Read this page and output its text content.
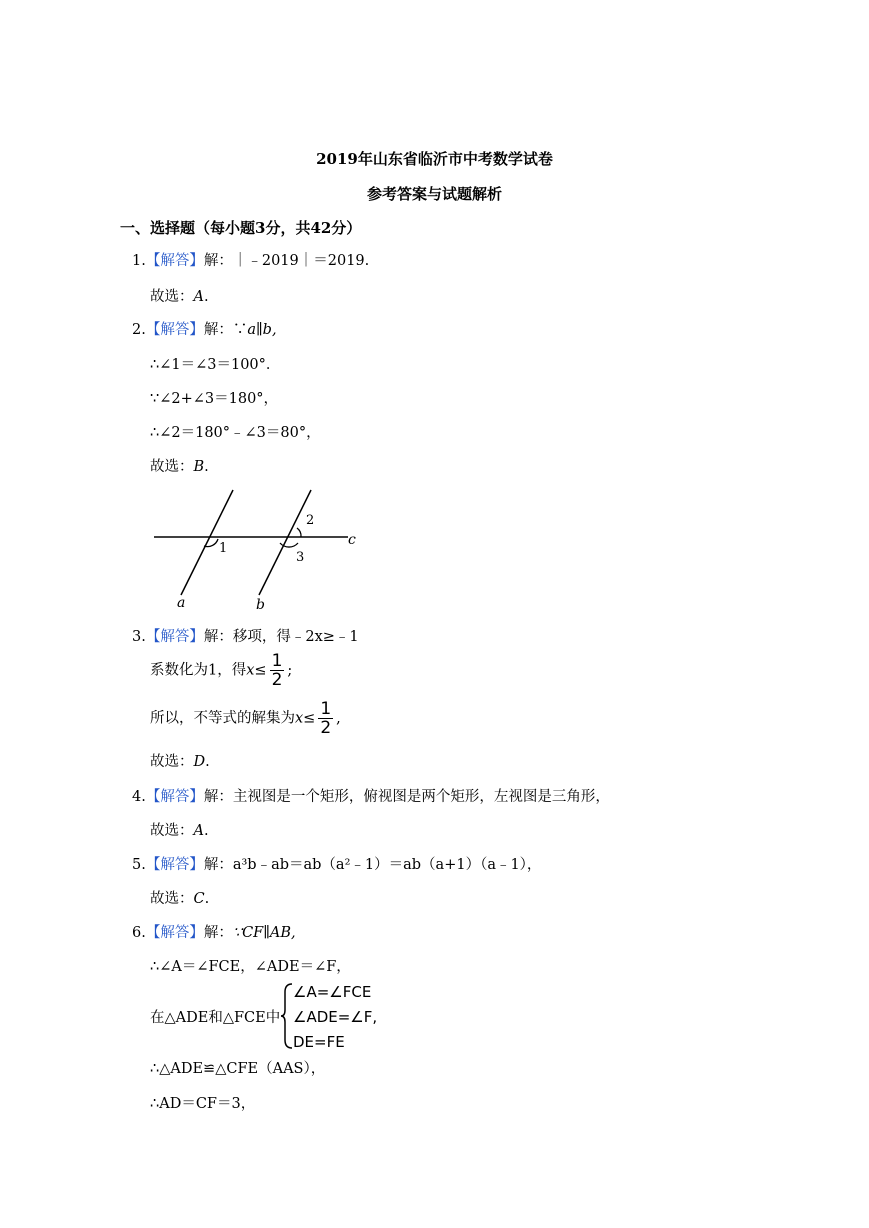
2019年山东省临沂市中考数学试卷
参考答案与试题解析
一、选择题（每小题3分，共42分）
1.【解答】解：｜﹣2019｜＝2019.
故选：A.
2.【解答】解：∵a∥b,
∴∠1＝∠3＝100°．
∵∠2+∠3＝180°，
∴∠2＝180°﹣∠3＝80°，
故选：B.
1
2
3
c
a	b
3.【解答】解：移项，得﹣2x≥﹣1
系数化为1，得$x\le \frac{1}{2}$ ;
所以，不等式的解集为$x\le \frac{1}{2}$ ,
故选：D.
4.【解答】解：主视图是一个矩形，俯视图是两个矩形，左视图是三角形，
故选：A.
5.【解答】解：a³b﹣ab＝ab（a²﹣1）＝ab（a+1）（a﹣1），
故选：C.
6.【解答】解：∵CF∥AB,
∴∠A＝∠FCE，∠ADE＝∠F，
在△ADE和△FCE中
∠A=∠FCE
∠ADE=∠F,
DE=FE
∴△ADE≌△CFE（AAS），
∴AD＝CF＝3，
